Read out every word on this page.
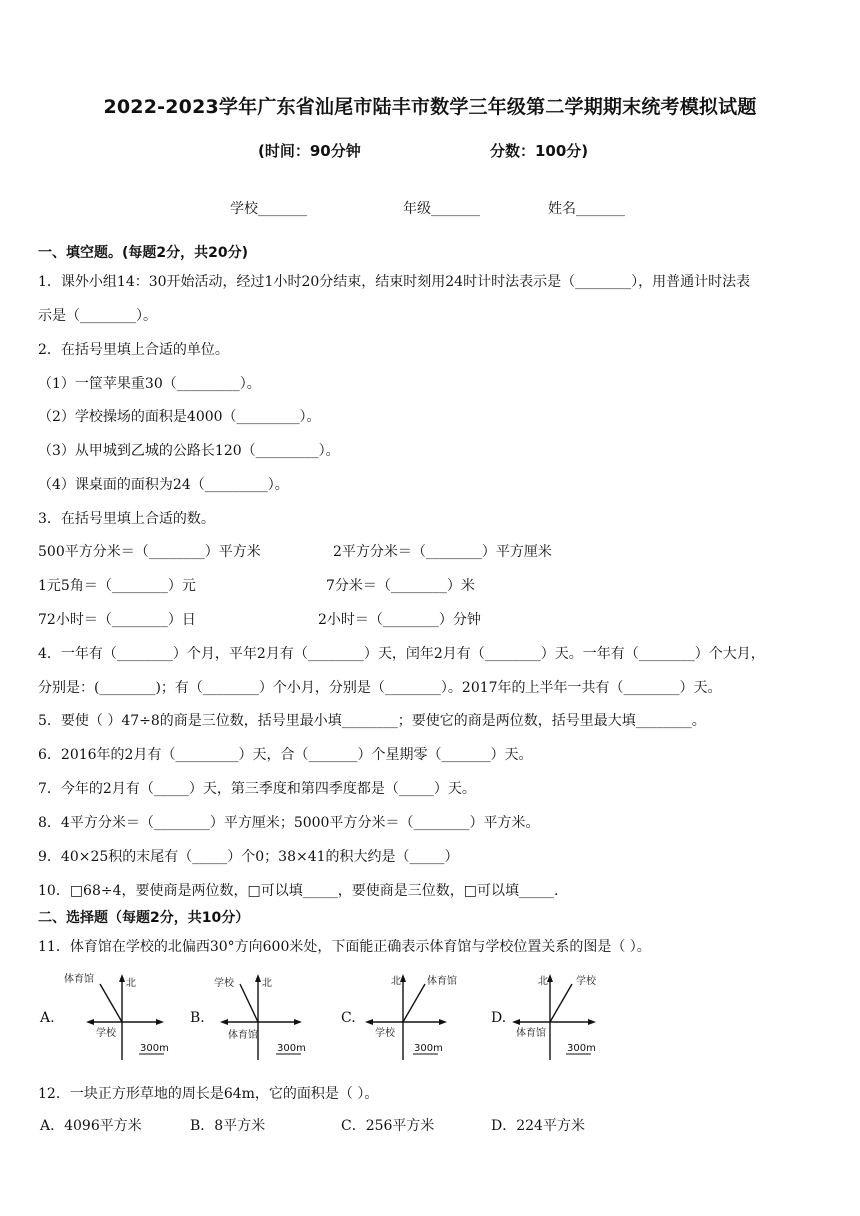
2022-2023学年广东省汕尾市陆丰市数学三年级第二学期期末统考模拟试题
(时间：90分钟	分数：100分)
学校_______	年级_______	姓名_______
一、填空题。(每题2分，共20分)
1．课外小组14：30开始活动，经过1小时20分结束，结束时刻用24时计时法表示是（________），用普通计时法表
示是（________）。
2．在括号里填上合适的单位。
（1）一筐苹果重30（_________）。
（2）学校操场的面积是4000（_________）。
（3）从甲城到乙城的公路长120（_________）。
（4）课桌面的面积为24（_________）。
3．在括号里填上合适的数。
500平方分米＝（________）平方米	2平方分米＝（________）平方厘米
1元5角＝（________）元	7分米＝（________）米
72小时＝（________）日	2小时＝（________）分钟
4．一年有（________）个月，平年2月有（________）天，闰年2月有（________）天。一年有（________）个大月，
分别是：(________)；有（________）个小月，分别是（________）。2017年的上半年一共有（________）天。
5．要使（ ）47÷8的商是三位数，括号里最小填________；要使它的商是两位数，括号里最大填________。
6．2016年的2月有（_________）天，合（_______）个星期零（_______）天。
7．今年的2月有（_____）天，第三季度和第四季度都是（_____）天。
8．4平方分米＝（________）平方厘米；5000平方分米＝（________）平方米。
9．40×25积的末尾有（_____）个0；38×41的积大约是（_____）
10．□68÷4，要使商是两位数，□可以填_____，要使商是三位数，□可以填_____.
二、选择题（每题2分，共10分）
11．体育馆在学校的北偏西30°方向600米处，下面能正确表示体育馆与学校位置关系的图是（ ）。
A.
北
体育馆
学校
300m
B.
北
学校
体育馆
300m
C.
北	体育馆
学校
300m
D.
北	学校
体育馆
300m
12．一块正方形草地的周长是64m，它的面积是（ ）。
A．4096平方米	B．8平方米	C．256平方米	D．224平方米
